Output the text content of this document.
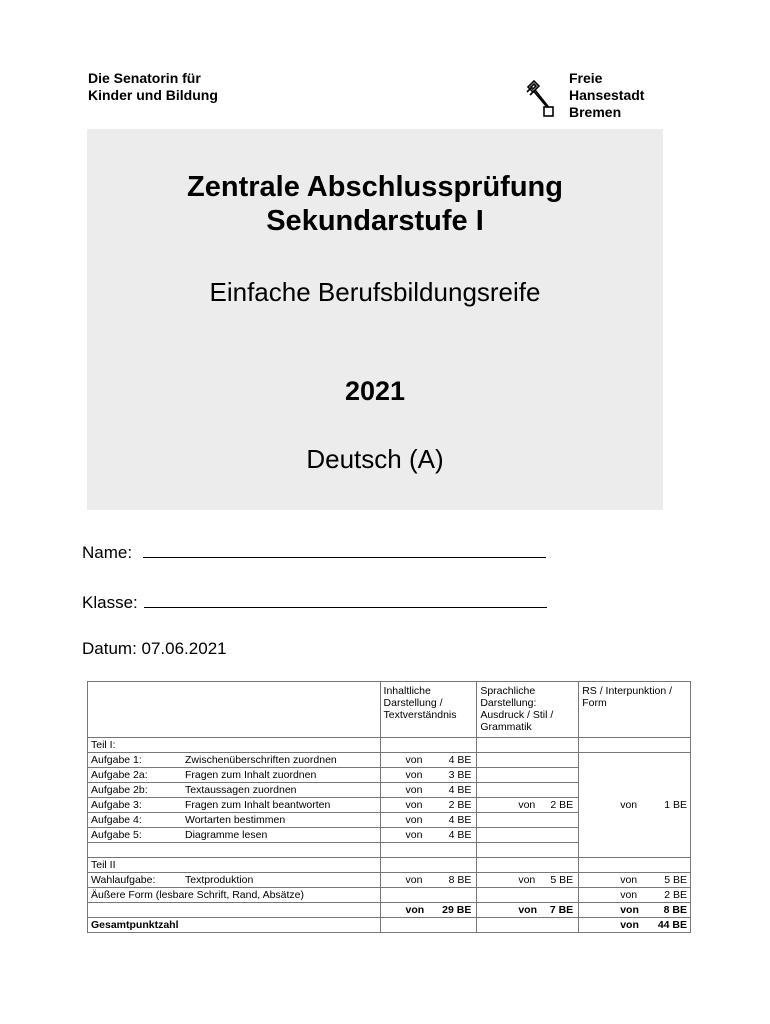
Die Senatorin für
Kinder und Bildung
Freie
Hansestadt
Bremen
Zentrale Abschlussprüfung
Sekundarstufe I
Einfache Berufsbildungsreife
2021
Deutsch (A)
Name:
Klasse:
Datum: 07.06.2021
	Inhaltliche Darstellung / Textverständnis	Sprachliche Darstellung: Ausdruck / Stil / Grammatik	RS / Interpunktion / Form
Teil I:			

Aufgabe 1: Zwischenüberschriften zuordnen	von 4 BE		von 1 BE

Aufgabe 2a: Fragen zum Inhalt zuordnen	von 3 BE		

Aufgabe 2b: Textaussagen zuordnen	von 4 BE		

Aufgabe 3: Fragen zum Inhalt beantworten	von 2 BE	von 2 BE	

Aufgabe 4: Wortarten bestimmen	von 4 BE		

Aufgabe 5: Diagramme lesen	von 4 BE		

Teil II			

Wahlaufgabe: Textproduktion	von 8 BE	von 5 BE	von 5 BE

Äußere Form (lesbare Schrift, Rand, Absätze)			von 2 BE

	von 29 BE	von 7 BE	von 8 BE

Gesamtpunktzahl			von 44 BE
